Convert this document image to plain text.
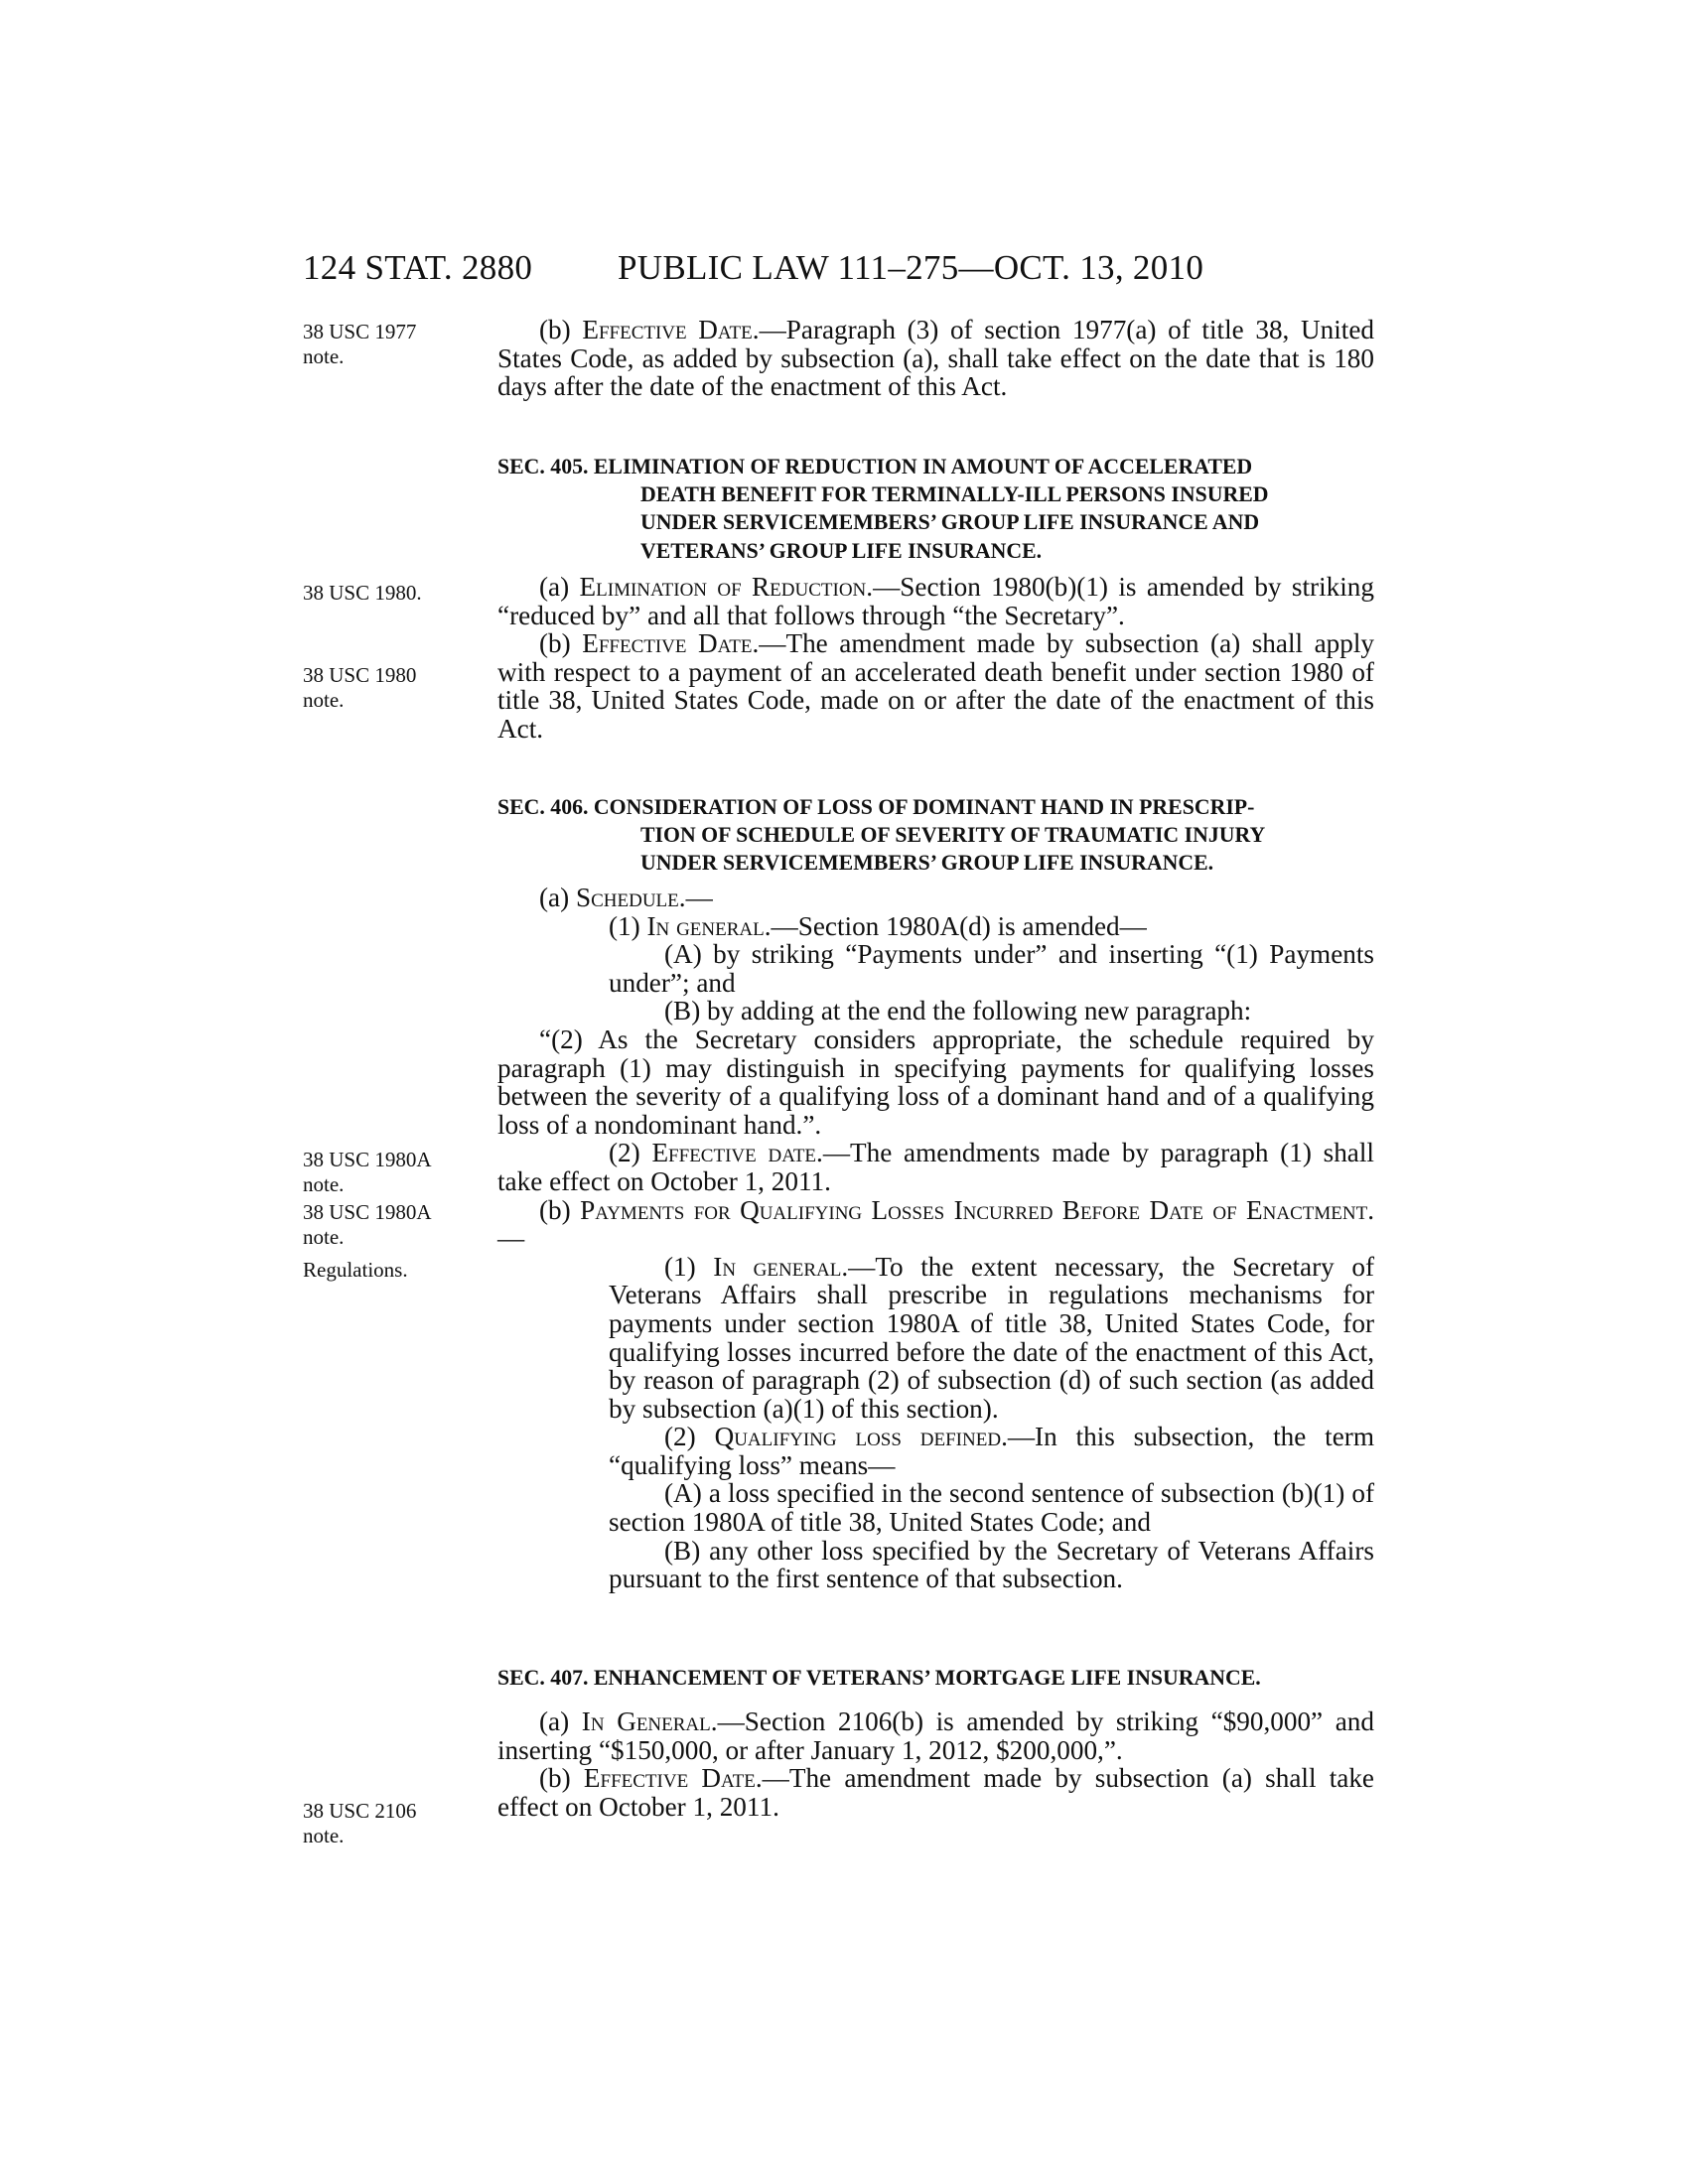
124 STAT. 2880 PUBLIC LAW 111–275—OCT. 13, 2010
38 USC 1977
note.
38 USC 1980.
38 USC 1980
note.
38 USC 1980A
note.
38 USC 1980A
note.
Regulations.
38 USC 2106
note.

(b) Effective Date.—Paragraph (3) of section 1977(a) of title 38, United States Code, as added by subsection (a), shall take effect on the date that is 180 days after the date of the enactment of this Act.

SEC. 405. ELIMINATION OF REDUCTION IN AMOUNT OF ACCELERATED
DEATH BENEFIT FOR TERMINALLY-ILL PERSONS INSURED
UNDER SERVICEMEMBERS’ GROUP LIFE INSURANCE AND
VETERANS’ GROUP LIFE INSURANCE.

(a) Elimination of Reduction.—Section 1980(b)(1) is amended by striking “reduced by” and all that follows through “the Secretary”.

(b) Effective Date.—The amendment made by subsection (a) shall apply with respect to a payment of an accelerated death benefit under section 1980 of title 38, United States Code, made on or after the date of the enactment of this Act.

SEC. 406. CONSIDERATION OF LOSS OF DOMINANT HAND IN PRESCRIP-
TION OF SCHEDULE OF SEVERITY OF TRAUMATIC INJURY
UNDER SERVICEMEMBERS’ GROUP LIFE INSURANCE.

(a) Schedule.—

(1) In general.—Section 1980A(d) is amended—

(A) by striking “Payments under” and inserting “(1) Payments under”; and

(B) by adding at the end the following new paragraph:

“(2) As the Secretary considers appropriate, the schedule required by paragraph (1) may distinguish in specifying payments for qualifying losses between the severity of a qualifying loss of a dominant hand and of a qualifying loss of a nondominant hand.”.

(2) Effective date.—The amendments made by paragraph (1) shall take effect on October 1, 2011.

(b) Payments for Qualifying Losses Incurred Before Date of Enactment.—

(1) In general.—To the extent necessary, the Secretary of Veterans Affairs shall prescribe in regulations mechanisms for payments under section 1980A of title 38, United States Code, for qualifying losses incurred before the date of the enactment of this Act, by reason of paragraph (2) of subsection (d) of such section (as added by subsection (a)(1) of this section).

(2) Qualifying loss defined.—In this subsection, the term “qualifying loss” means—

(A) a loss specified in the second sentence of subsection (b)(1) of section 1980A of title 38, United States Code; and

(B) any other loss specified by the Secretary of Veterans Affairs pursuant to the first sentence of that subsection.

SEC. 407. ENHANCEMENT OF VETERANS’ MORTGAGE LIFE INSURANCE.

(a) In General.—Section 2106(b) is amended by striking “$90,000” and inserting “$150,000, or after January 1, 2012, $200,000,”.

(b) Effective Date.—The amendment made by subsection (a) shall take effect on October 1, 2011.
